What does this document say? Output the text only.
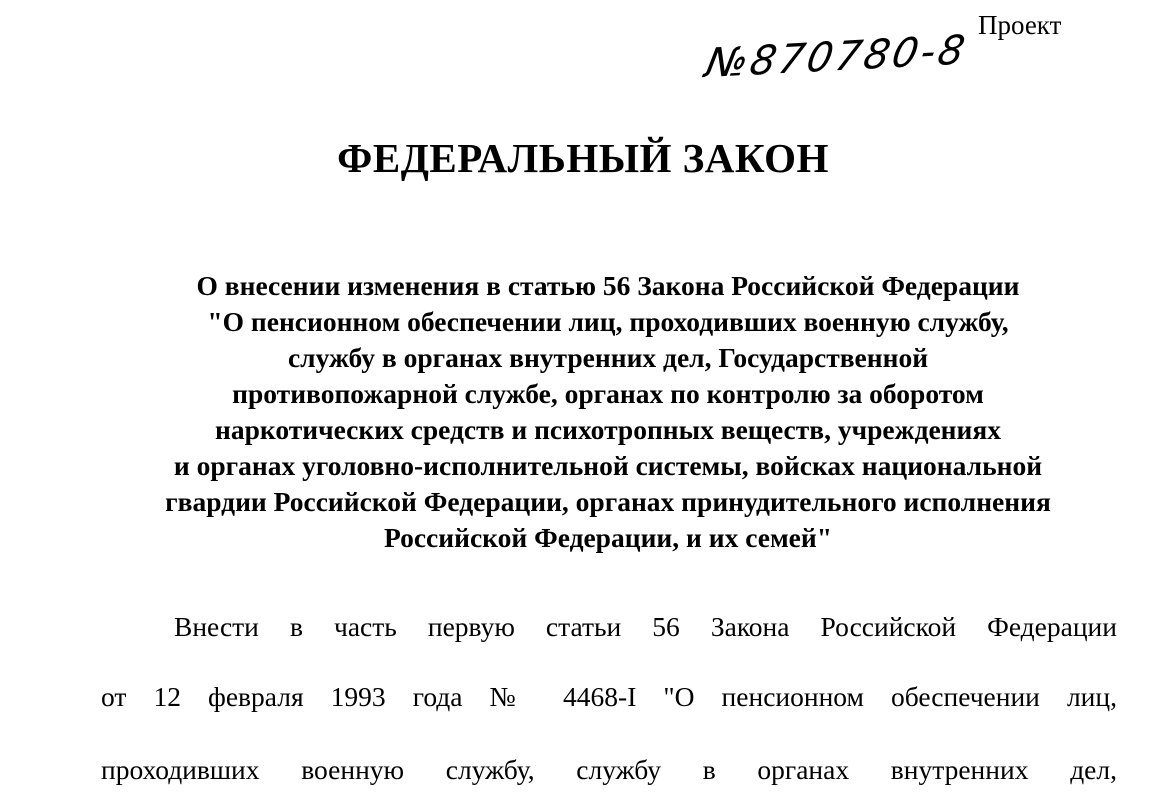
Проект
№870780-8
ФЕДЕРАЛЬНЫЙ ЗАКОН
О внесении изменения в статью 56 Закона Российской Федерации
"О пенсионном обеспечении лиц, проходивших военную службу,
службу в органах внутренних дел, Государственной
противопожарной службе, органах по контролю за оборотом
наркотических средств и психотропных веществ, учреждениях
и органах уголовно-исполнительной системы, войсках национальной
гвардии Российской Федерации, органах принудительного исполнения
Российской Федерации, и их семей"
Внести в часть первую статьи 56 Закона Российской Федерации
от 12 февраля 1993 года № 4468-I "О пенсионном обеспечении лиц,
проходивших военную службу, службу в органах внутренних дел,
